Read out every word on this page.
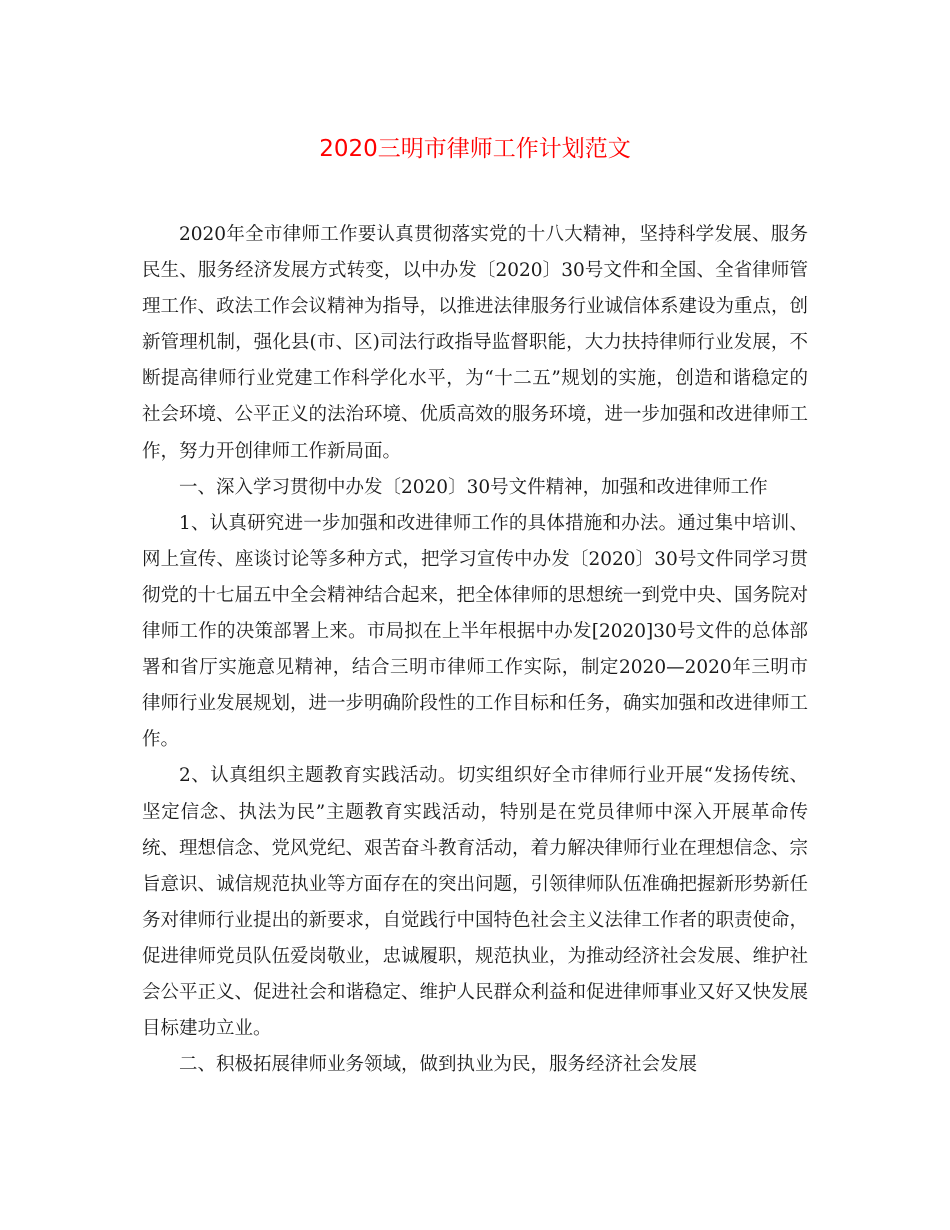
2020三明市律师工作计划范文

2020年全市律师工作要认真贯彻落实党的十八大精神，坚持科学发展、服务民生、服务经济发展方式转变，以中办发〔2020〕30号文件和全国、全省律师管理工作、政法工作会议精神为指导，以推进法律服务行业诚信体系建设为重点，创新管理机制，强化县(市、区)司法行政指导监督职能，大力扶持律师行业发展，不断提高律师行业党建工作科学化水平，为“十二五”规划的实施，创造和谐稳定的社会环境、公平正义的法治环境、优质高效的服务环境，进一步加强和改进律师工作，努力开创律师工作新局面。

一、深入学习贯彻中办发〔2020〕30号文件精神，加强和改进律师工作

1、认真研究进一步加强和改进律师工作的具体措施和办法。通过集中培训、网上宣传、座谈讨论等多种方式，把学习宣传中办发〔2020〕30号文件同学习贯彻党的十七届五中全会精神结合起来，把全体律师的思想统一到党中央、国务院对律师工作的决策部署上来。市局拟在上半年根据中办发[2020]30号文件的总体部署和省厅实施意见精神，结合三明市律师工作实际，制定2020—2020年三明市律师行业发展规划，进一步明确阶段性的工作目标和任务，确实加强和改进律师工作。

2、认真组织主题教育实践活动。切实组织好全市律师行业开展“发扬传统、坚定信念、执法为民”主题教育实践活动，特别是在党员律师中深入开展革命传统、理想信念、党风党纪、艰苦奋斗教育活动，着力解决律师行业在理想信念、宗旨意识、诚信规范执业等方面存在的突出问题，引领律师队伍准确把握新形势新任务对律师行业提出的新要求，自觉践行中国特色社会主义法律工作者的职责使命，促进律师党员队伍爱岗敬业，忠诚履职，规范执业，为推动经济社会发展、维护社会公平正义、促进社会和谐稳定、维护人民群众利益和促进律师事业又好又快发展目标建功立业。

二、积极拓展律师业务领域，做到执业为民，服务经济社会发展
